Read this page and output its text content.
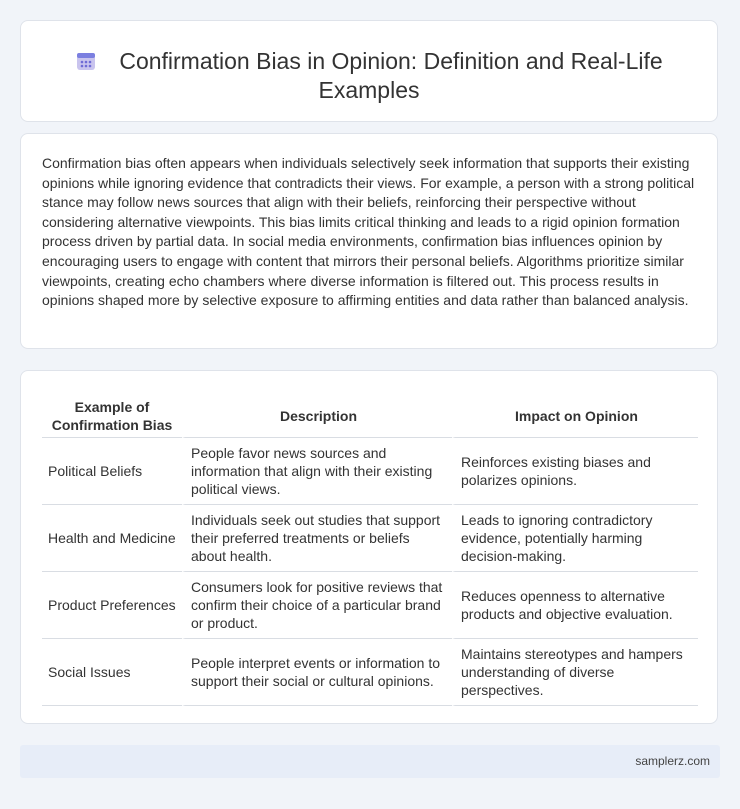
Confirmation Bias in Opinion: Definition and Real-Life Examples
Confirmation bias often appears when individuals selectively seek information that supports their existing opinions while ignoring evidence that contradicts their views. For example, a person with a strong political stance may follow news sources that align with their beliefs, reinforcing their perspective without considering alternative viewpoints. This bias limits critical thinking and leads to a rigid opinion formation process driven by partial data. In social media environments, confirmation bias influences opinion by encouraging users to engage with content that mirrors their personal beliefs. Algorithms prioritize similar viewpoints, creating echo chambers where diverse information is filtered out. This process results in opinions shaped more by selective exposure to affirming entities and data rather than balanced analysis.
Example of Confirmation Bias	Description	Impact on Opinion
Political Beliefs	People favor news sources and information that align with their existing political views.	Reinforces existing biases and polarizes opinions.
Health and Medicine	Individuals seek out studies that support their preferred treatments or beliefs about health.	Leads to ignoring contradictory evidence, potentially harming decision-making.
Product Preferences	Consumers look for positive reviews that confirm their choice of a particular brand or product.	Reduces openness to alternative products and objective evaluation.
Social Issues	People interpret events or information to support their social or cultural opinions.	Maintains stereotypes and hampers understanding of diverse perspectives.
samplerz.com
